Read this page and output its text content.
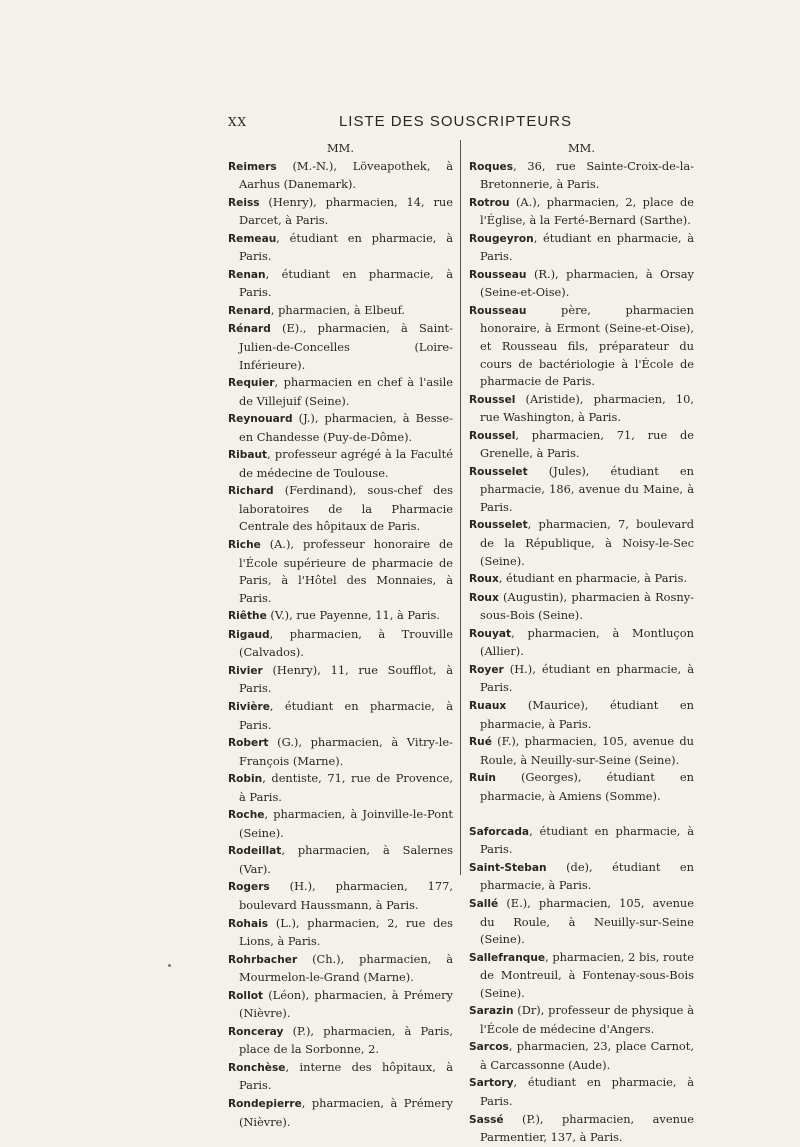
XX	LISTE DES SOUSCRIPTEURS
MM.
Reimers (M.-N.), Löveapothek, à Aarhus (Danemark).
Reiss (Henry), pharmacien, 14, rue Darcet, à Paris.
Remeau, étudiant en pharmacie, à Paris.
Renan, étudiant en pharmacie, à Paris.
Renard, pharmacien, à Elbeuf.
Rénard (E)., pharmacien, à Saint-Julien-de-Concelles (Loire-Inférieure).
Requier, pharmacien en chef à l'asile de Villejuif (Seine).
Reynouard (J.), pharmacien, à Besse-en Chandesse (Puy-de-Dôme).
Ribaut, professeur agrégé à la Faculté de médecine de Toulouse.
Richard (Ferdinand), sous-chef des laboratoires de la Pharmacie Centrale des hôpitaux de Paris.
Riche (A.), professeur honoraire de l'École supérieure de pharmacie de Paris, à l'Hôtel des Monnaies, à Paris.
Riêthe (V.), rue Payenne, 11, à Paris.
Rigaud, pharmacien, à Trouville (Calvados).
Rivier (Henry), 11, rue Soufflot, à Paris.
Rivière, étudiant en pharmacie, à Paris.
Robert (G.), pharmacien, à Vitry-le-François (Marne).
Robin, dentiste, 71, rue de Provence, à Paris.
Roche, pharmacien, à Joinville-le-Pont (Seine).
Rodeillat, pharmacien, à Salernes (Var).
Rogers (H.), pharmacien, 177, boulevard Haussmann, à Paris.
Rohais (L.), pharmacien, 2, rue des Lions, à Paris.
Rohrbacher (Ch.), pharmacien, à Mourmelon-le-Grand (Marne).
Rollot (Léon), pharmacien, à Prémery (Nièvre).
Ronceray (P.), pharmacien, à Paris, place de la Sorbonne, 2.
Ronchèse, interne des hôpitaux, à Paris.
Rondepierre, pharmacien, à Prémery (Nièvre).
MM.
Roques, 36, rue Sainte-Croix-de-la-Bretonnerie, à Paris.
Rotrou (A.), pharmacien, 2, place de l'Église, à la Ferté-Bernard (Sarthe).
Rougeyron, étudiant en pharmacie, à Paris.
Rousseau (R.), pharmacien, à Orsay (Seine-et-Oise).
Rousseau père, pharmacien honoraire, à Ermont (Seine-et-Oise), et Rousseau fils, préparateur du cours de bactériologie à l'École de pharmacie de Paris.
Roussel (Aristide), pharmacien, 10, rue Washington, à Paris.
Roussel, pharmacien, 71, rue de Grenelle, à Paris.
Rousselet (Jules), étudiant en pharmacie, 186, avenue du Maine, à Paris.
Rousselet, pharmacien, 7, boulevard de la République, à Noisy-le-Sec (Seine).
Roux, étudiant en pharmacie, à Paris.
Roux (Augustin), pharmacien à Rosny-sous-Bois (Seine).
Rouyat, pharmacien, à Montluçon (Allier).
Royer (H.), étudiant en pharmacie, à Paris.
Ruaux (Maurice), étudiant en pharmacie, à Paris.
Rué (F.), pharmacien, 105, avenue du Roule, à Neuilly-sur-Seine (Seine).
Ruin (Georges), étudiant en pharmacie, à Amiens (Somme).
Saforcada, étudiant en pharmacie, à Paris.
Saint-Steban (de), étudiant en pharmacie, à Paris.
Sallé (E.), pharmacien, 105, avenue du Roule, à Neuilly-sur-Seine (Seine).
Sallefranque, pharmacien, 2 bis, route de Montreuil, à Fontenay-sous-Bois (Seine).
Sarazin (Dr), professeur de physique à l'École de médecine d'Angers.
Sarcos, pharmacien, 23, place Carnot, à Carcassonne (Aude).
Sartory, étudiant en pharmacie, à Paris.
Sassé (P.), pharmacien, avenue Parmentier, 137, à Paris.
